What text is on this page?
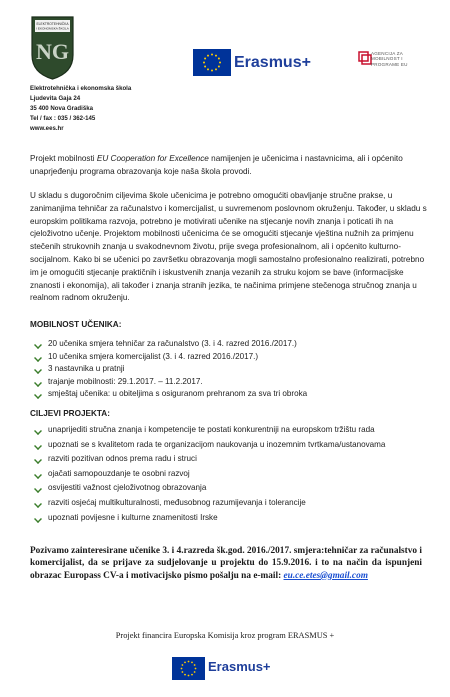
ELEKTROTEHNIČKA
I EKONOMSKA ŠKOLA
NG	Erasmus+
AGENCIJA ZA MOBILNOST I PROGRAME EU
Elektrotehnička i ekonomska škola
Ljudevita Gaja 24
35 400 Nova Gradiška
Tel / fax : 035 / 362-145
www.ees.hr
Projekt mobilnosti EU Cooperation for Excellence namijenjen je učenicima i nastavnicima, ali i općenito unaprjeđenju programa obrazovanja koje naša škola provodi.
U skladu s dugoročnim ciljevima škole učenicima je potrebno omogućiti obavljanje stručne prakse, u zanimanjima tehničar za računalstvo i komercijalist, u suvremenom poslovnom okruženju. Također, u skladu s europskim politikama razvoja, potrebno je motivirati učenike na stjecanje novih znanja i poticati ih na cjeloživotno učenje. Projektom mobilnosti učenicima će se omogućiti stjecanje vještina nužnih za primjenu stečenih strukovnih znanja u svakodnevnom životu, prije svega profesionalnom, ali i općenito kulturno-socijalnom. Kako bi se učenici po završetku obrazovanja mogli samostalno profesionalno realizirati, potrebno im je omogućiti stjecanje praktičnih i iskustvenih znanja vezanih za struku kojom se bave (informacijske znanosti i ekonomija), ali također i znanja stranih jezika, te načinima primjene stečenoga stručnog znanja u realnom radnom okruženju.
MOBILNOST UČENIKA:
20 učenika smjera tehničar za računalstvo (3. i 4. razred 2016./2017.)
10 učenika smjera komercijalist (3. i 4. razred 2016./2017.)
3 nastavnika u pratnji
trajanje mobilnosti: 29.1.2017. – 11.2.2017.
smještaj učenika: u obiteljima s osiguranom prehranom za sva tri obroka
CILJEVI PROJEKTA:
unaprijediti stručna znanja i kompetencije te postati konkurentniji na europskom tržištu rada
upoznati se s kvalitetom rada te organizacijom naukovanja u inozemnim tvrtkama/ustanovama
razviti pozitivan odnos prema radu i struci
ojačati samopouzdanje te osobni razvoj
osvijestiti važnost cjeloživotnog obrazovanja
razviti osjećaj multikulturalnosti, međusobnog razumijevanja i tolerancije
upoznati povijesne i kulturne znamenitosti Irske
Pozivamo zainteresirane učenike 3. i 4.razreda šk.god. 2016./2017. smjera:tehničar za računalstvo i komercijalist, da se prijave za sudjelovanje u projektu do 15.9.2016. i to na način da ispunjeni obrazac Europass CV-a i motivacijsko pismo pošalju na e-mail: eu.ce.etes@gmail.com
Projekt financira Europska Komisija kroz program ERASMUS +
Erasmus+
